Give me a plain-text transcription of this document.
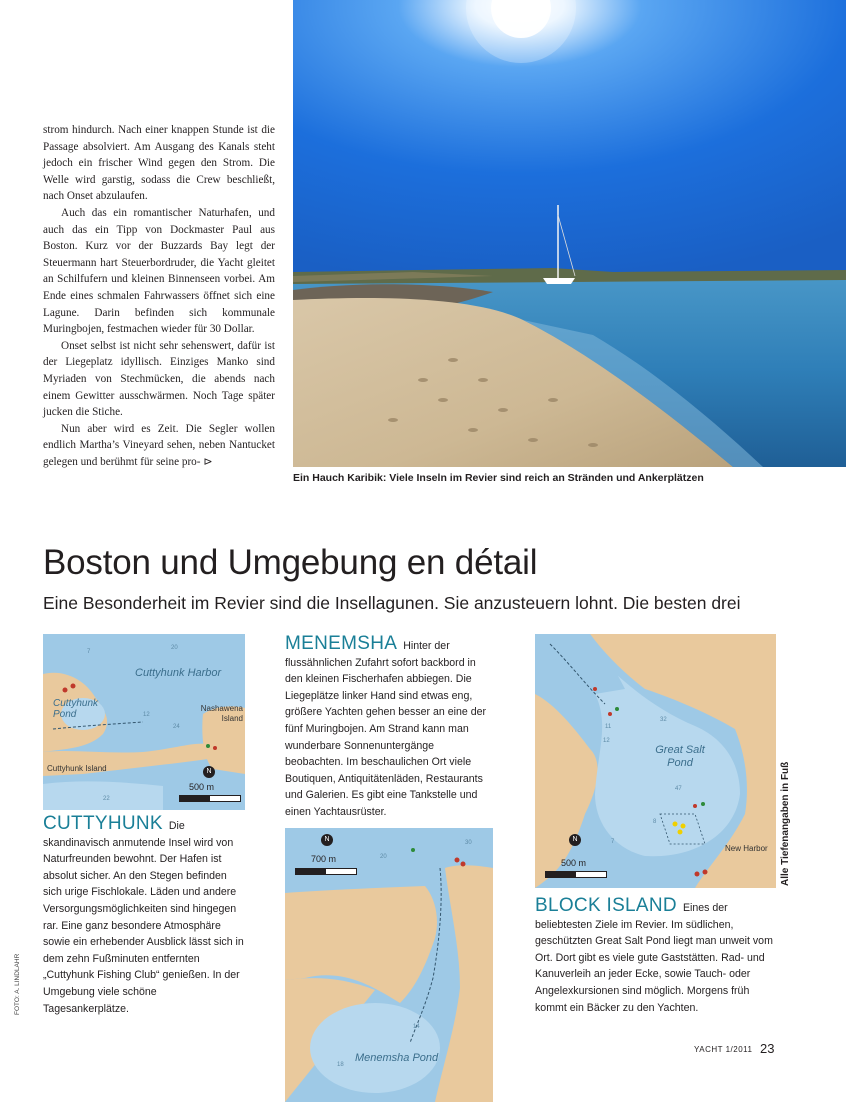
strom hindurch. Nach einer knappen Stunde ist die Passage absolviert. Am Ausgang des Kanals steht jedoch ein frischer Wind gegen den Strom. Die Welle wird garstig, sodass die Crew beschließt, nach Onset abzulaufen.

Auch das ein romantischer Naturhafen, und auch das ein Tipp von Dockmaster Paul aus Boston. Kurz vor der Buzzards Bay legt der Steuermann hart Steuerbordruder, die Yacht gleitet an Schilfufern und kleinen Binnenseen vorbei. Am Ende eines schmalen Fahrwassers öffnet sich eine Lagune. Darin befinden sich kommunale Muringbojen, festmachen wieder für 30 Dollar.

Onset selbst ist nicht sehr sehenswert, dafür ist der Liegeplatz idyllisch. Einziges Manko sind Myriaden von Stechmücken, die abends nach einem Gewitter ausschwärmen. Noch Tage später jucken die Stiche.

Nun aber wird es Zeit. Die Segler wollen endlich Martha’s Vineyard sehen, neben Nantucket gelegen und berühmt für seine pro- ⊳

Ein Hauch Karibik: Viele Inseln im Revier sind reich an Stränden und Ankerplätzen
Boston und Umgebung en détail
Eine Besonderheit im Revier sind die Insellagunen. Sie anzusteuern lohnt. Die besten drei
Cuttyhunk Harbor
Cuttyhunk Pond
Cuttyhunk Island
Nashawena Island
N
500 m
7
20
22
12
24
CUTTYHUNK Die skandinavisch anmutende Insel wird von Naturfreunden bewohnt. Der Hafen ist absolut sicher. An den Stegen befinden sich urige Fischlokale. Läden und andere Versorgungsmöglichkeiten sind hingegen rar. Eine ganz besondere Atmosphäre sowie ein erhebender Ausblick lässt sich in dem zehn Fußminuten entfernten „Cuttyhunk Fishing Club“ genießen. In der Umgebung viele schöne Tagesankerplätze.
MENEMSHA Hinter der flussähnlichen Zufahrt sofort backbord in den kleinen Fischerhafen abbiegen. Die Liegeplätze linker Hand sind etwas eng, größere Yachten gehen besser an eine der fünf Muringbojen. Am Strand kann man wunderbare Sonnenuntergänge beobachten. Im beschaulichen Ort viele Boutiquen, Antiquitätenläden, Restaurants und Galerien. Es gibt eine Tankstelle und einen Yachtausrüster.
N
700 m
Menemsha Pond
20
30
14
18
Great Salt Pond
New Harbor
N
500 m
32
11
12
47
8
7	Alle Tiefenangaben in Fuß
BLOCK ISLAND Eines der beliebtesten Ziele im Revier. Im südlichen, geschützten Great Salt Pond liegt man unweit vom Ort. Dort gibt es viele gute Gaststätten. Rad- und Kanuverleih an jeder Ecke, sowie Tauch- oder Angelexkursionen sind möglich. Morgens früh kommt ein Bäcker zu den Yachten.
FOTO: A. LINDLAHR
YACHT 1/2011 23
